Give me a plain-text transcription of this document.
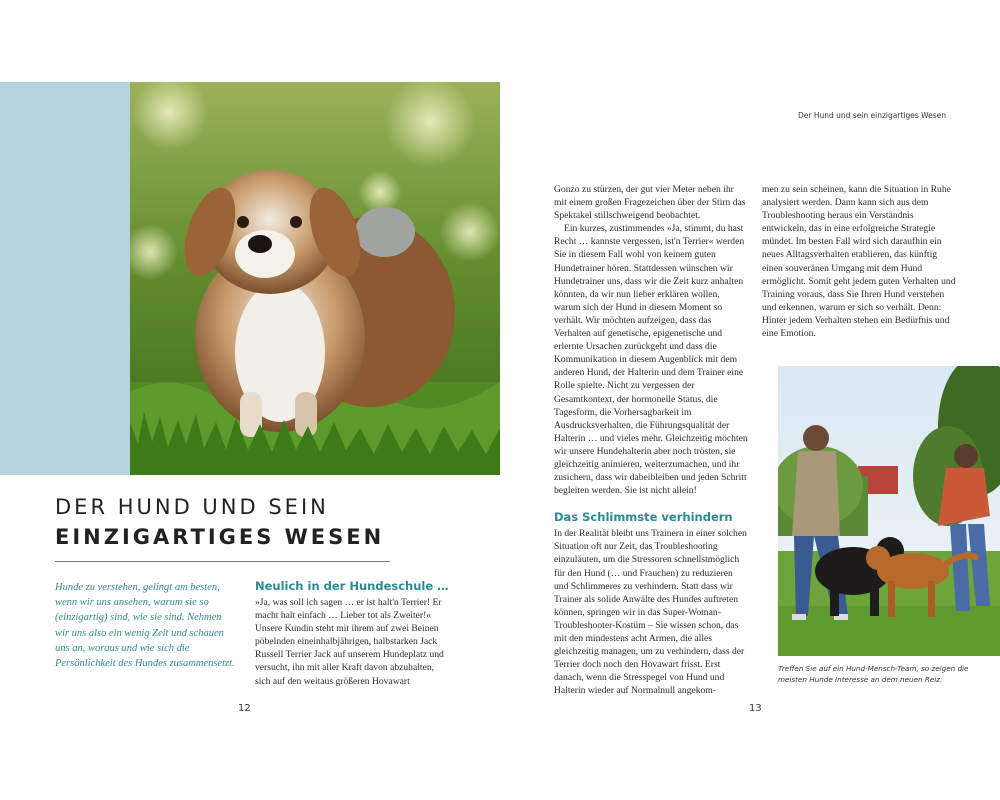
DER HUND UND SEIN
EINZIGARTIGES WESEN

Hunde zu verstehen, gelingt am besten, wenn wir uns ansehen, warum sie so (einzigartig) sind, wie sie sind. Nehmen wir uns also ein wenig Zeit und schauen uns an, woraus und wie sich die Persönlichkeit des Hundes zusammensetzt.

Neulich in der Hundeschule …

»Ja, was soll ich sagen … er ist halt'n Terrier! Er macht halt einfach … Lieber tot als Zweiter!« Unsere Kundin steht mit ihrem auf zwei Beinen pöbelnden eineinhalbjährigen, halbstarken Jack Russell Terrier Jack auf unserem Hundeplatz und versucht, ihn mit aller Kraft davon abzuhalten, sich auf den weitaus größeren Hovawart

12

Der Hund und sein einzigartiges Wesen

Gonzo zu stürzen, der gut vier Meter neben ihr mit einem großen Fragezeichen über der Stirn das Spektakel stillschweigend beobachtet.

Ein kurzes, zustimmendes »Ja, stimmt, du hast Recht … kannste vergessen, ist'n Terrier« werden Sie in diesem Fall wohl von keinem guten Hundetrainer hören. Stattdessen wünschen wir Hundetrainer uns, dass wir die Zeit kurz anhalten könnten, da wir nun lieber erklären wollen, warum sich der Hund in diesem Moment so verhält. Wir möchten aufzeigen, dass das Verhalten auf genetische, epigenetische und erlernte Ursachen zurückgeht und dass die Kommunikation in diesem Augenblick mit dem anderen Hund, der Halterin und dem Trainer eine Rolle spielte. Nicht zu vergessen der Gesamtkontext, der hormonelle Status, die Tagesform, die Vorhersagbarkeit im Ausdrucksverhalten, die Führungsqualität der Halterin … und vieles mehr. Gleichzeitig möchten wir unsere Hundehalterin aber noch trösten, sie gleichzeitig animieren, weiterzumachen, und ihr zusichern, dass wir dabeibleiben und jeden Schritt begleiten werden. Sie ist nicht allein!

Das Schlimmste verhindern

In der Realität bleibt uns Trainern in einer solchen Situation oft nur Zeit, das Troubleshooting einzuläuten, um die Stressoren schnellstmöglich für den Hund (… und Frauchen) zu reduzieren und Schlimmeres zu verhindern. Statt dass wir Trainer als solide Anwälte des Hundes auftreten können, springen wir in das Super-Woman-Troubleshooter-Kostüm – Sie wissen schon, das mit den mindestens acht Armen, die alles gleichzeitig managen, um zu verhindern, dass der Terrier doch noch den Hovawart frisst. Erst danach, wenn die Stresspegel von Hund und Halterin wieder auf Normalnull angekom-

men zu sein scheinen, kann die Situation in Ruhe analysiert werden. Dann kann sich aus dem Troubleshooting heraus ein Verständnis entwickeln, das in eine erfolgreiche Strategie mündet. Im besten Fall wird sich daraufhin ein neues Alltagsverhalten etablieren, das künftig einen souveränen Umgang mit dem Hund ermöglicht. Somit geht jedem guten Verhalten und Training voraus, dass Sie Ihren Hund verstehen und erkennen, warum er sich so verhält. Denn: Hinter jedem Verhalten stehen ein Bedürfnis und eine Emotion.

Treffen Sie auf ein Hund-Mensch-Team, so zeigen die meisten Hunde Interesse an dem neuen Reiz.

13
